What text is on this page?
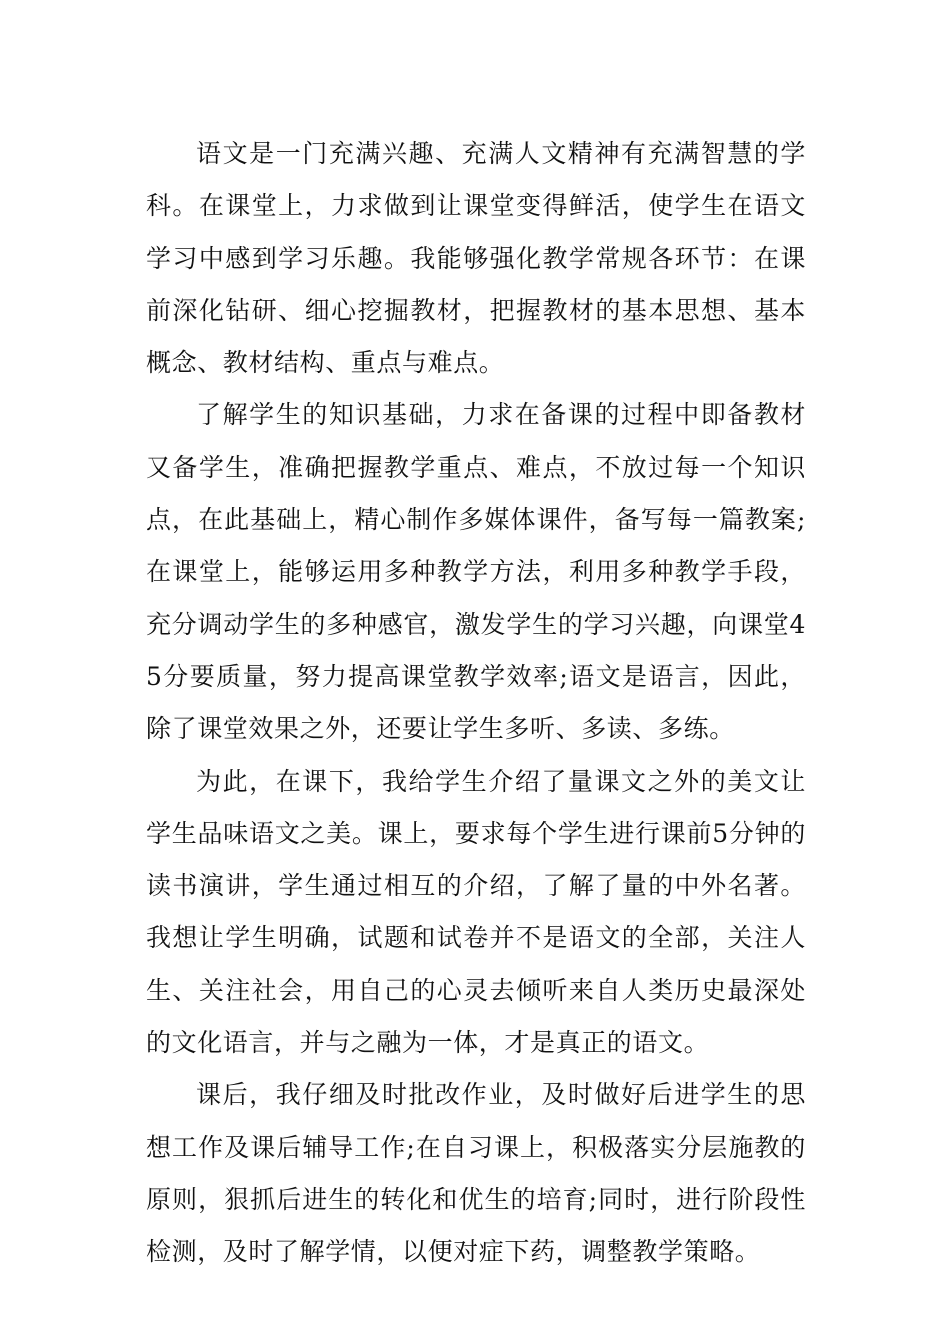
语文是一门充满兴趣、充满人文精神有充满智慧的学科。在课堂上，力求做到让课堂变得鲜活，使学生在语文学习中感到学习乐趣。我能够强化教学常规各环节：在课前深化钻研、细心挖掘教材，把握教材的基本思想、基本概念、教材结构、重点与难点。

了解学生的知识基础，力求在备课的过程中即备教材又备学生，准确把握教学重点、难点，不放过每一个知识点，在此基础上，精心制作多媒体课件，备写每一篇教案;在课堂上，能够运用多种教学方法，利用多种教学手段，充分调动学生的多种感官，激发学生的学习兴趣，向课堂45分要质量，努力提高课堂教学效率;语文是语言，因此，除了课堂效果之外，还要让学生多听、多读、多练。

为此，在课下，我给学生介绍了量课文之外的美文让学生品味语文之美。课上，要求每个学生进行课前5分钟的读书演讲，学生通过相互的介绍，了解了量的中外名著。我想让学生明确，试题和试卷并不是语文的全部，关注人生、关注社会，用自己的心灵去倾听来自人类历史最深处的文化语言，并与之融为一体，才是真正的语文。

课后，我仔细及时批改作业，及时做好后进学生的思想工作及课后辅导工作;在自习课上，积极落实分层施教的原则，狠抓后进生的转化和优生的培育;同时，进行阶段性检测，及时了解学情，以便对症下药，调整教学策略。
